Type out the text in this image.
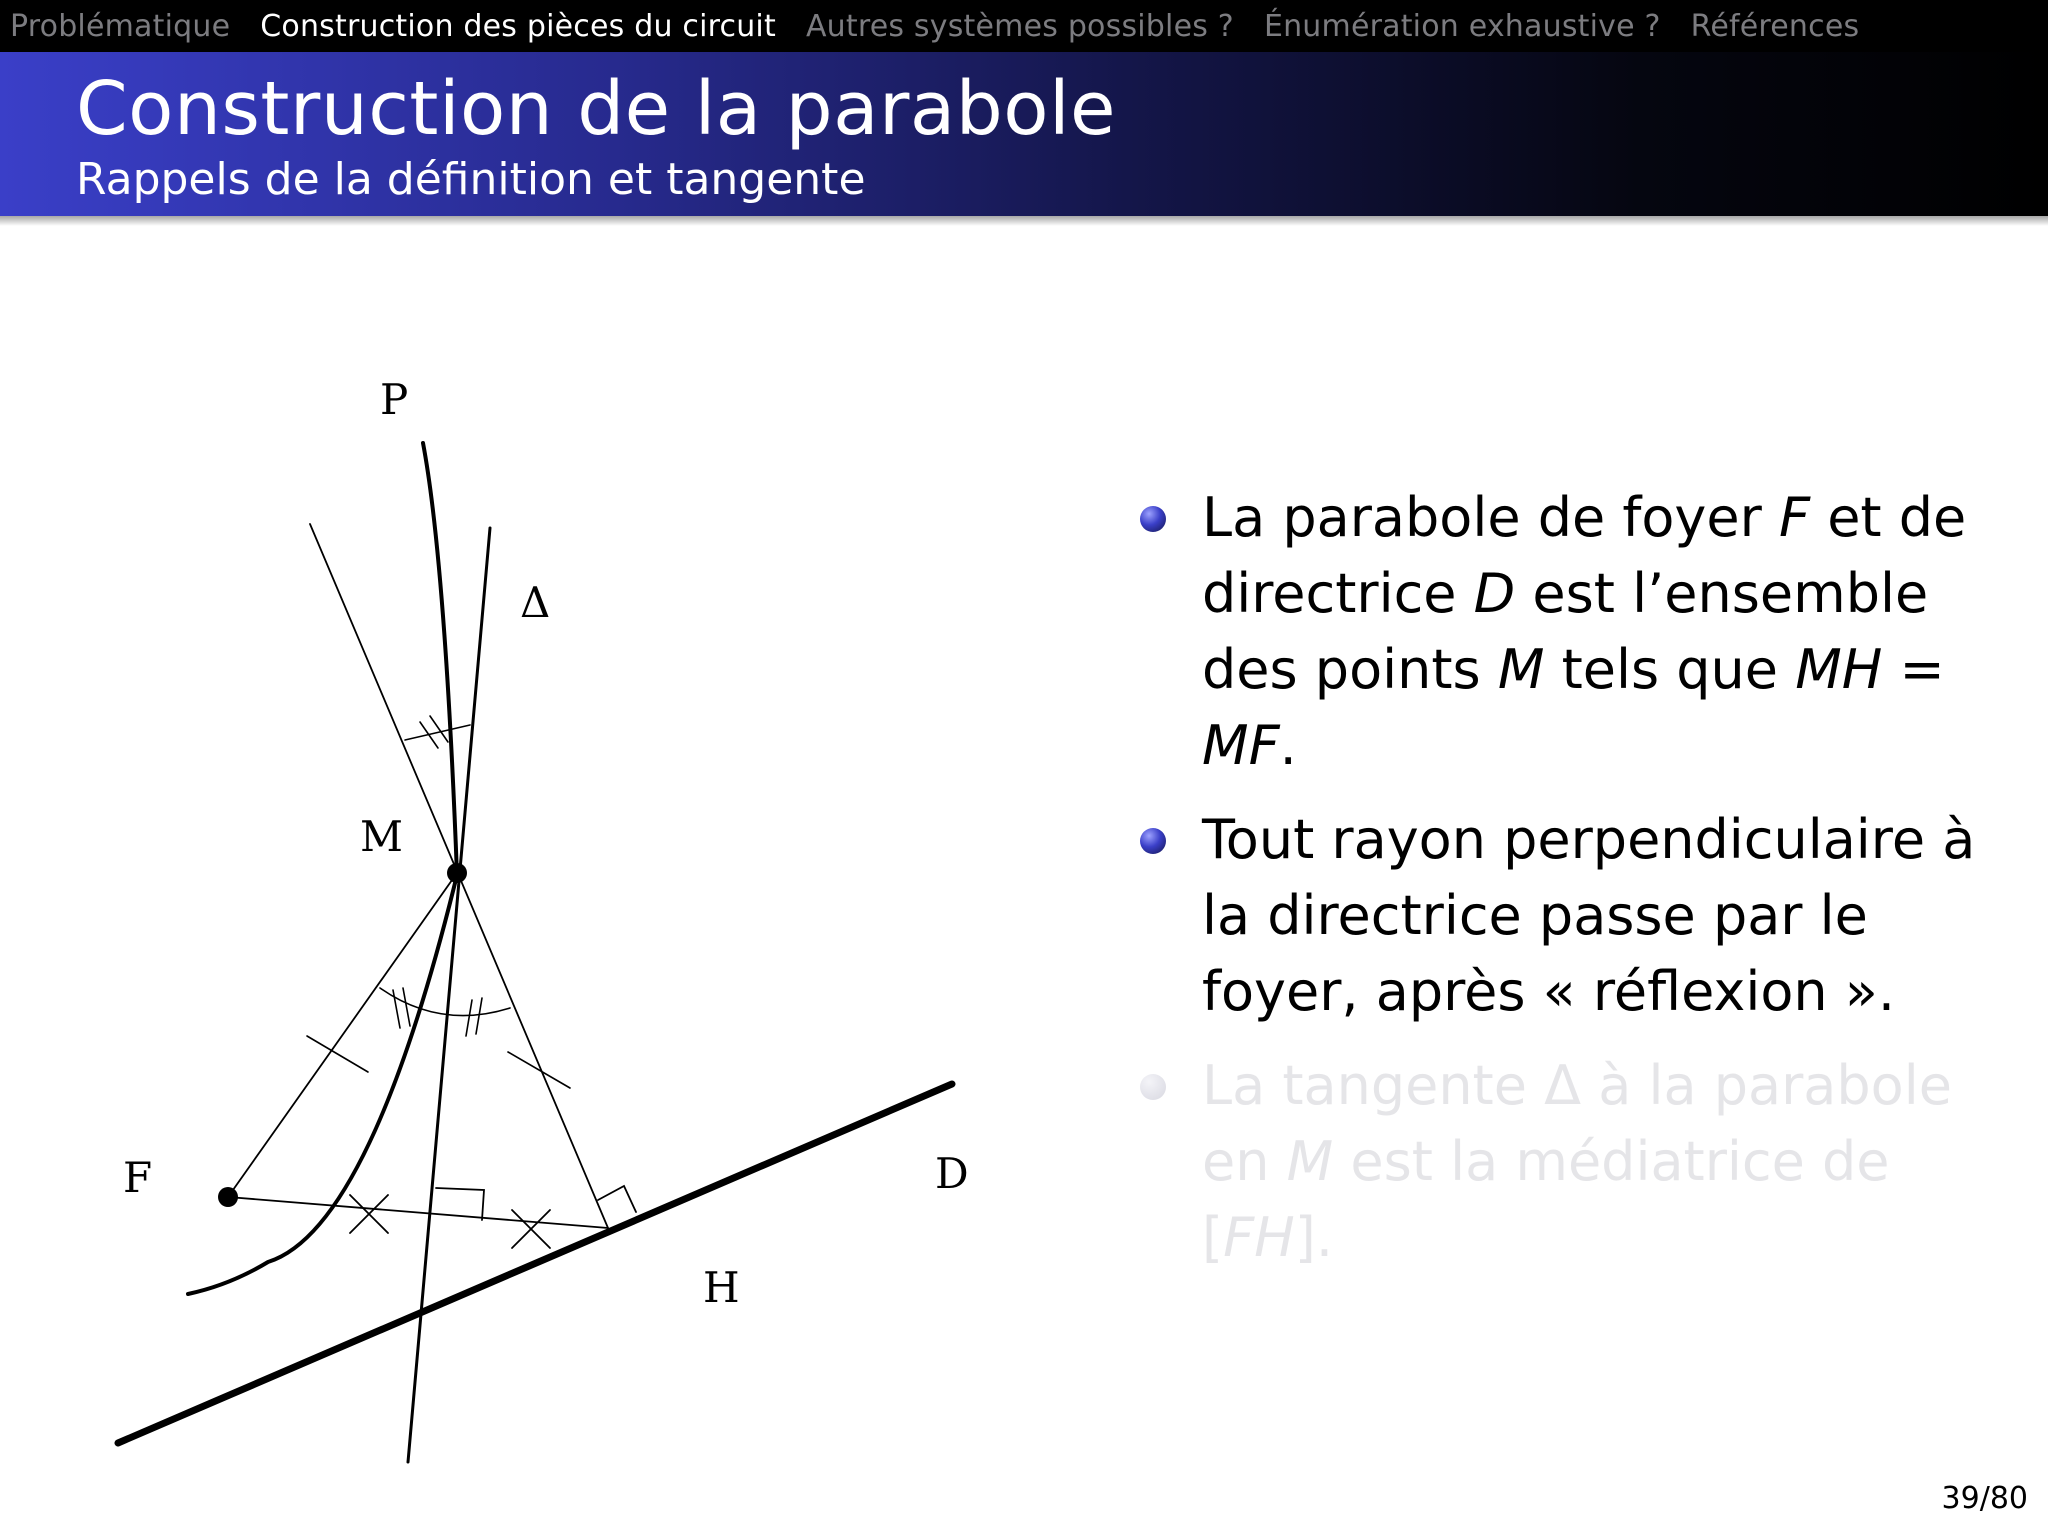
Problématique Construction des pièces du circuit Autres systèmes possibles ? Énumération exhaustive ? Références
Construction de la parabole
Rappels de la définition et tangente
P
Δ
M
F	D
H
La parabole de foyer F et de directrice D est l’ensemble des points M tels que MH = MF.
Tout rayon perpendiculaire à la directrice passe par le foyer, après « réflexion ».
La tangente Δ à la parabole en M est la médiatrice de [FH].
39/80
